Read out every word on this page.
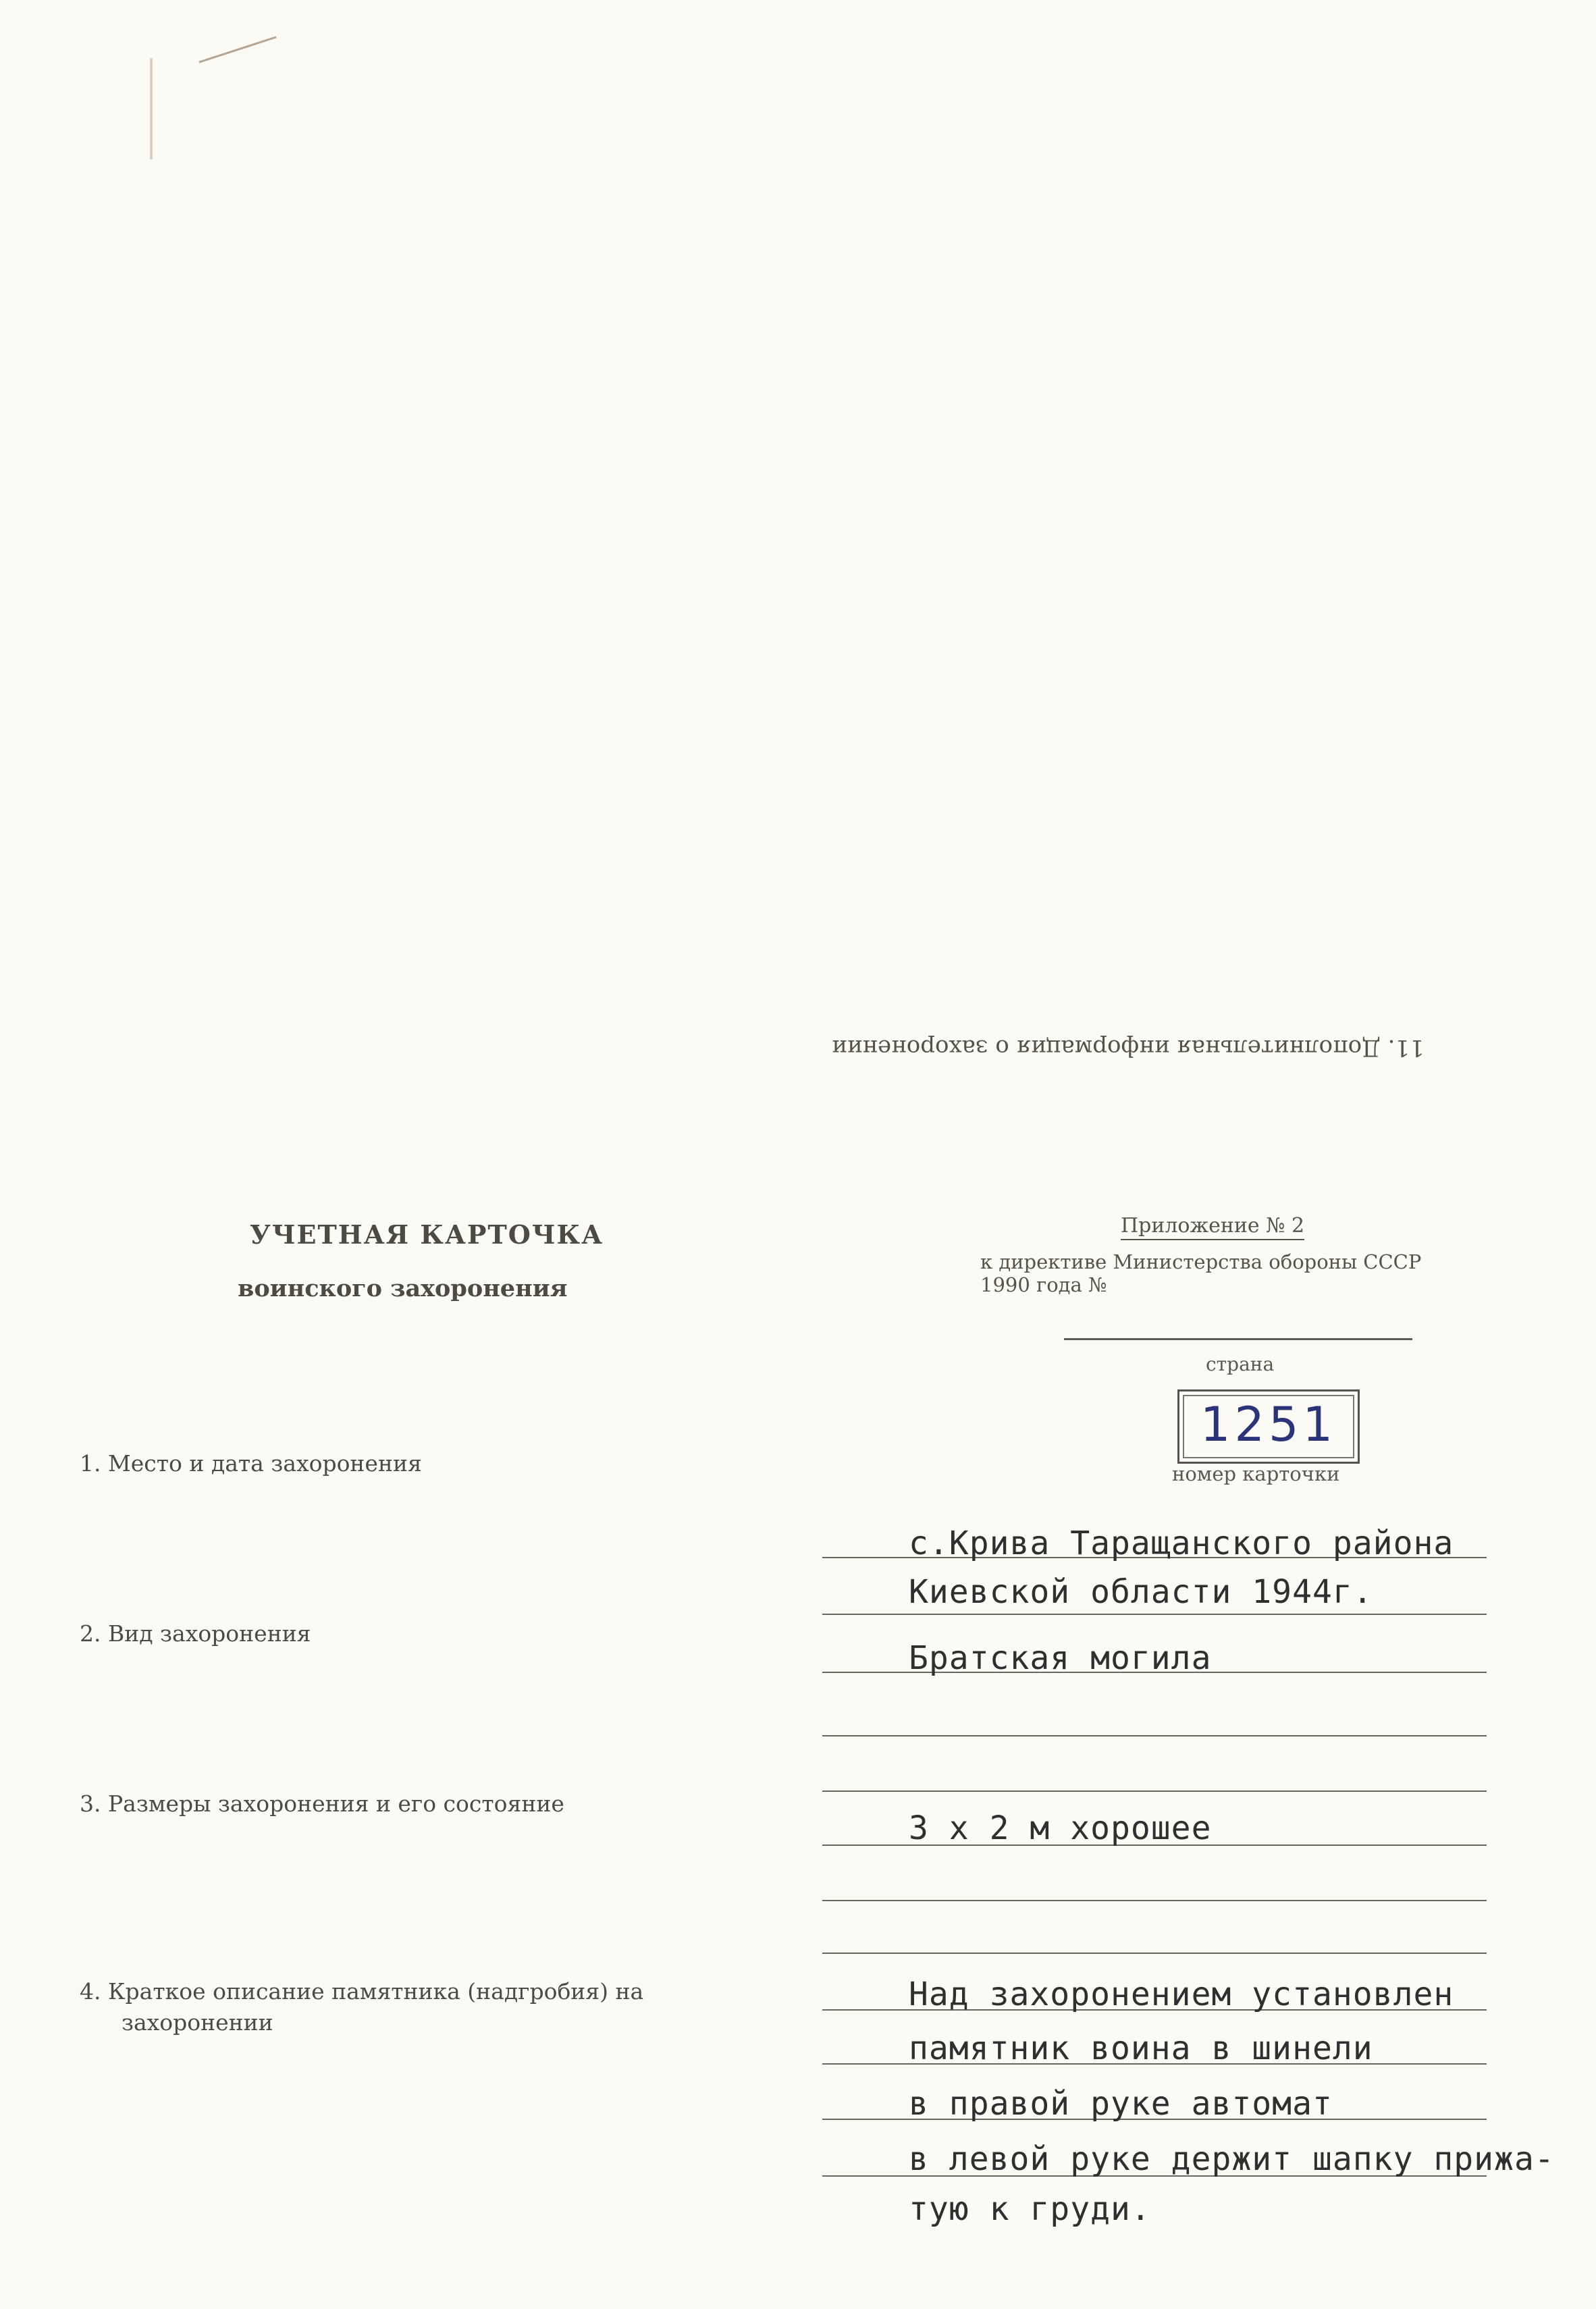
11. Дополнительная информация о захоронении
УЧЕТНАЯ КАРТОЧКА
воинского захоронения
Приложение № 2
к директиве Министерства обороны СССР
1990 года №
страна
1251
номер карточки
1. Место и дата захоронения
2. Вид захоронения
3. Размеры захоронения и его состояние
4. Краткое описание памятника (надгробия) на
захоронении
с.Крива Таращанского района
Киевской области 1944г.
Братская могила
3 х 2 м хорошее
Над захоронением установлен
памятник воина в шинели
в правой руке автомат
в левой руке держит шапку прижа-
тую к груди.
